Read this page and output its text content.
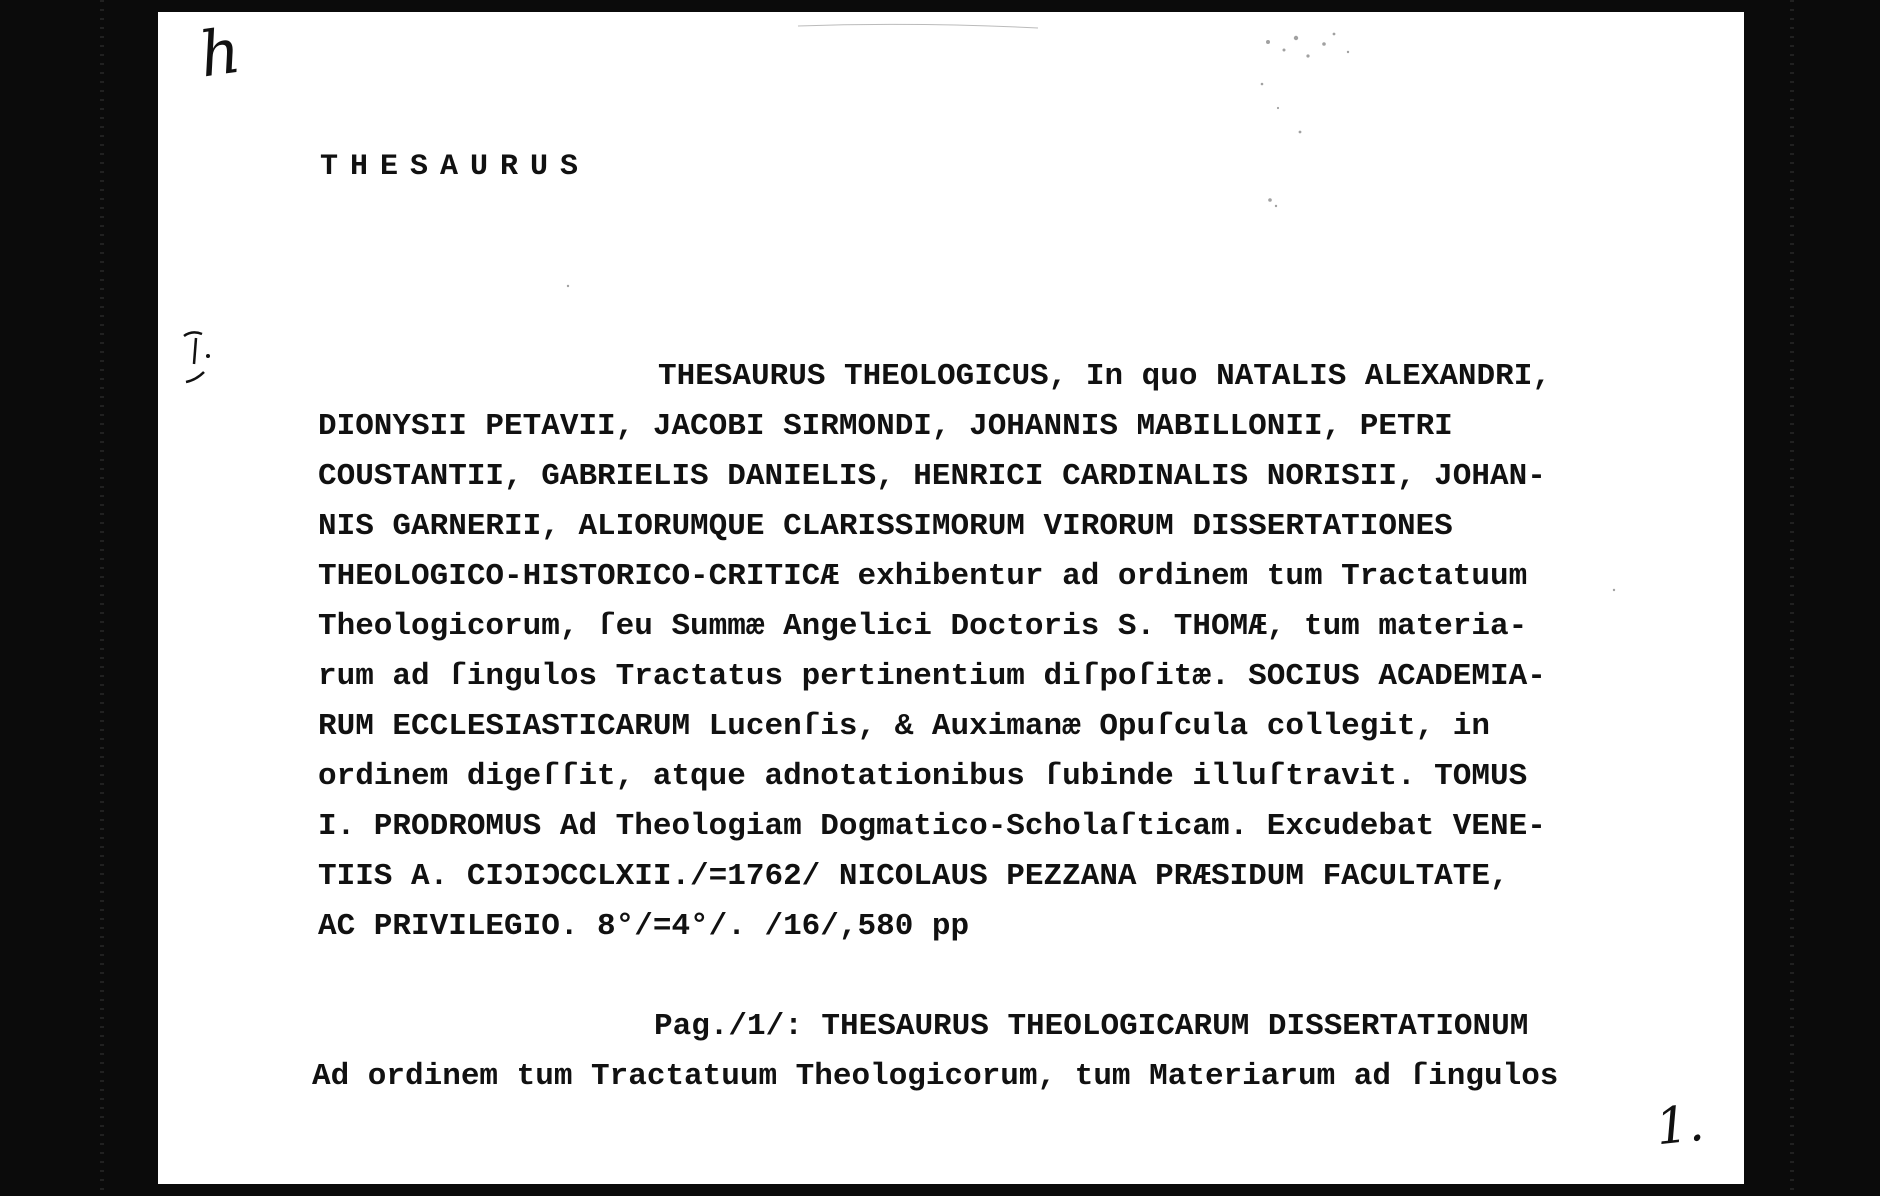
h
THESAURUS
THESAURUS THEOLOGICUS, In quo NATALIS ALEXANDRI,
DIONYSII PETAVII, JACOBI SIRMONDI, JOHANNIS MABILLONII, PETRI
COUSTANTII, GABRIELIS DANIELIS, HENRICI CARDINALIS NORISII, JOHAN-
NIS GARNERII, ALIORUMQUE CLARISSIMORUM VIRORUM DISSERTATIONES
THEOLOGICO-HISTORICO-CRITICÆ exhibentur ad ordinem tum Tractatuum
Theologicorum, ſeu Summæ Angelici Doctoris S. THOMÆ, tum materia-
rum ad ſingulos Tractatus pertinentium diſpoſitæ. SOCIUS ACADEMIA-
RUM ECCLESIASTICARUM Lucenſis, & Auximanæ Opuſcula collegit, in
ordinem digeſſit, atque adnotationibus ſubinde illuſtravit. TOMUS
I. PRODROMUS Ad Theologiam Dogmatico-Scholaſticam. Excudebat VENE-
TIIS A. CIƆIƆCCLXII./=1762/ NICOLAUS PEZZANA PRÆSIDUM FACULTATE,
AC PRIVILEGIO. 8°/=4°/. /16/,580 pp
Pag./1/: THESAURUS THEOLOGICARUM DISSERTATIONUM
Ad ordinem tum Tractatuum Theologicorum, tum Materiarum ad ſingulos
1.
